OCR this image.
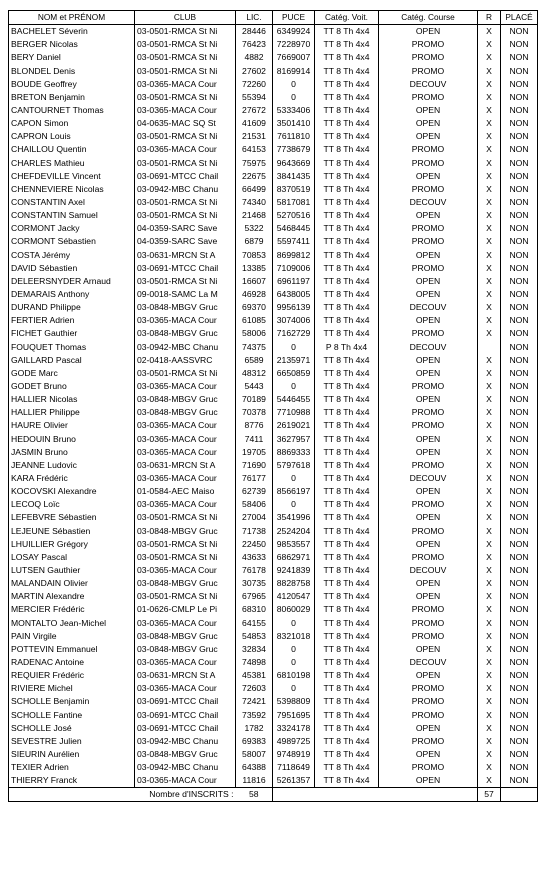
NOM et PRÉNOM	CLUB	LIC.	PUCE	Catég. Voit.	Catég. Course	R	PLACÉ
BACHELET Séverin	03-0501-RMCA St Ni	28446	6349924	TT 8 Th 4x4	OPEN	X	NON
BERGER Nicolas	03-0501-RMCA St Ni	76423	7228970	TT 8 Th 4x4	PROMO	X	NON
BERY Daniel	03-0501-RMCA St Ni	4882	7669007	TT 8 Th 4x4	PROMO	X	NON
BLONDEL Denis	03-0501-RMCA St Ni	27602	8169914	TT 8 Th 4x4	PROMO	X	NON
BOUDE Geoffrey	03-0365-MACA Cour	72260	0	TT 8 Th 4x4	DECOUV	X	NON
BRETON Benjamin	03-0501-RMCA St Ni	55394	0	TT 8 Th 4x4	PROMO	X	NON
CANTOURNET Thomas	03-0365-MACA Cour	27672	5333406	TT 8 Th 4x4	OPEN	X	NON
CAPON Simon	04-0635-MAC SQ St	41609	3501410	TT 8 Th 4x4	OPEN	X	NON
CAPRON Louis	03-0501-RMCA St Ni	21531	7611810	TT 8 Th 4x4	OPEN	X	NON
CHAILLOU Quentin	03-0365-MACA Cour	64153	7738679	TT 8 Th 4x4	PROMO	X	NON
CHARLES Mathieu	03-0501-RMCA St Ni	75975	9643669	TT 8 Th 4x4	PROMO	X	NON
CHEFDEVILLE Vincent	03-0691-MTCC Chail	22675	3841435	TT 8 Th 4x4	OPEN	X	NON
CHENNEVIERE Nicolas	03-0942-MBC Chanu	66499	8370519	TT 8 Th 4x4	PROMO	X	NON
CONSTANTIN Axel	03-0501-RMCA St Ni	74340	5817081	TT 8 Th 4x4	DECOUV	X	NON
CONSTANTIN Samuel	03-0501-RMCA St Ni	21468	5270516	TT 8 Th 4x4	OPEN	X	NON
CORMONT Jacky	04-0359-SARC Save	5322	5468445	TT 8 Th 4x4	PROMO	X	NON
CORMONT Sébastien	04-0359-SARC Save	6879	5597411	TT 8 Th 4x4	PROMO	X	NON
COSTA Jérémy	03-0631-MRCN St A	70853	8699812	TT 8 Th 4x4	OPEN	X	NON
DAVID Sébastien	03-0691-MTCC Chail	13385	7109006	TT 8 Th 4x4	PROMO	X	NON
DELEERSNYDER Arnaud	03-0501-RMCA St Ni	16607	6961197	TT 8 Th 4x4	OPEN	X	NON
DEMARAIS Anthony	09-0018-SAMC La M	46928	6438005	TT 8 Th 4x4	OPEN	X	NON
DURAND Philippe	03-0848-MBGV Gruc	69370	9956139	TT 8 Th 4x4	DECOUV	X	NON
FERTIER Adrien	03-0365-MACA Cour	61085	3074006	TT 8 Th 4x4	OPEN	X	NON
FICHET Gauthier	03-0848-MBGV Gruc	58006	7162729	TT 8 Th 4x4	PROMO	X	NON
FOUQUET Thomas	03-0942-MBC Chanu	74375	0	P 8 Th 4x4	DECOUV		NON
GAILLARD Pascal	02-0418-AASSVRC	6589	2135971	TT 8 Th 4x4	OPEN	X	NON
GODE Marc	03-0501-RMCA St Ni	48312	6650859	TT 8 Th 4x4	OPEN	X	NON
GODET Bruno	03-0365-MACA Cour	5443	0	TT 8 Th 4x4	PROMO	X	NON
HALLIER Nicolas	03-0848-MBGV Gruc	70189	5446455	TT 8 Th 4x4	OPEN	X	NON
HALLIER Philippe	03-0848-MBGV Gruc	70378	7710988	TT 8 Th 4x4	PROMO	X	NON
HAURE Olivier	03-0365-MACA Cour	8776	2619021	TT 8 Th 4x4	PROMO	X	NON
HEDOUIN Bruno	03-0365-MACA Cour	7411	3627957	TT 8 Th 4x4	OPEN	X	NON
JASMIN Bruno	03-0365-MACA Cour	19705	8869333	TT 8 Th 4x4	OPEN	X	NON
JEANNE Ludovic	03-0631-MRCN St A	71690	5797618	TT 8 Th 4x4	PROMO	X	NON
KARA Frédéric	03-0365-MACA Cour	76177	0	TT 8 Th 4x4	DECOUV	X	NON
KOCOVSKI Alexandre	01-0584-AEC Maiso	62739	8566197	TT 8 Th 4x4	OPEN	X	NON
LECOQ Loïc	03-0365-MACA Cour	58406	0	TT 8 Th 4x4	PROMO	X	NON
LEFEBVRE Sébastien	03-0501-RMCA St Ni	27004	3541996	TT 8 Th 4x4	OPEN	X	NON
LEJEUNE Sébastien	03-0848-MBGV Gruc	71738	2524204	TT 8 Th 4x4	PROMO	X	NON
LHUILLIER Grégory	03-0501-RMCA St Ni	22450	9853557	TT 8 Th 4x4	OPEN	X	NON
LOSAY Pascal	03-0501-RMCA St Ni	43633	6862971	TT 8 Th 4x4	PROMO	X	NON
LUTSEN Gauthier	03-0365-MACA Cour	76178	9241839	TT 8 Th 4x4	DECOUV	X	NON
MALANDAIN Olivier	03-0848-MBGV Gruc	30735	8828758	TT 8 Th 4x4	OPEN	X	NON
MARTIN Alexandre	03-0501-RMCA St Ni	67965	4120547	TT 8 Th 4x4	OPEN	X	NON
MERCIER Frédéric	01-0626-CMLP Le Pi	68310	8060029	TT 8 Th 4x4	PROMO	X	NON
MONTALTO Jean-Michel	03-0365-MACA Cour	64155	0	TT 8 Th 4x4	PROMO	X	NON
PAIN Virgile	03-0848-MBGV Gruc	54853	8321018	TT 8 Th 4x4	PROMO	X	NON
POTTEVIN Emmanuel	03-0848-MBGV Gruc	32834	0	TT 8 Th 4x4	OPEN	X	NON
RADENAC Antoine	03-0365-MACA Cour	74898	0	TT 8 Th 4x4	DECOUV	X	NON
REQUIER Frédéric	03-0631-MRCN St A	45381	6810198	TT 8 Th 4x4	OPEN	X	NON
RIVIERE Michel	03-0365-MACA Cour	72603	0	TT 8 Th 4x4	PROMO	X	NON
SCHOLLE Benjamin	03-0691-MTCC Chail	72421	5398809	TT 8 Th 4x4	PROMO	X	NON
SCHOLLE Fantine	03-0691-MTCC Chail	73592	7951695	TT 8 Th 4x4	PROMO	X	NON
SCHOLLE José	03-0691-MTCC Chail	1782	3324178	TT 8 Th 4x4	OPEN	X	NON
SEVESTRE Julien	03-0942-MBC Chanu	69383	4989725	TT 8 Th 4x4	PROMO	X	NON
SIEURIN Aurélien	03-0848-MBGV Gruc	58007	9748919	TT 8 Th 4x4	OPEN	X	NON
TEXIER Adrien	03-0942-MBC Chanu	64388	7118649	TT 8 Th 4x4	PROMO	X	NON
THIERRY Franck	03-0365-MACA Cour	11816	5261357	TT 8 Th 4x4	OPEN	X	NON
Nombre d'INSCRITS :		58				57	
